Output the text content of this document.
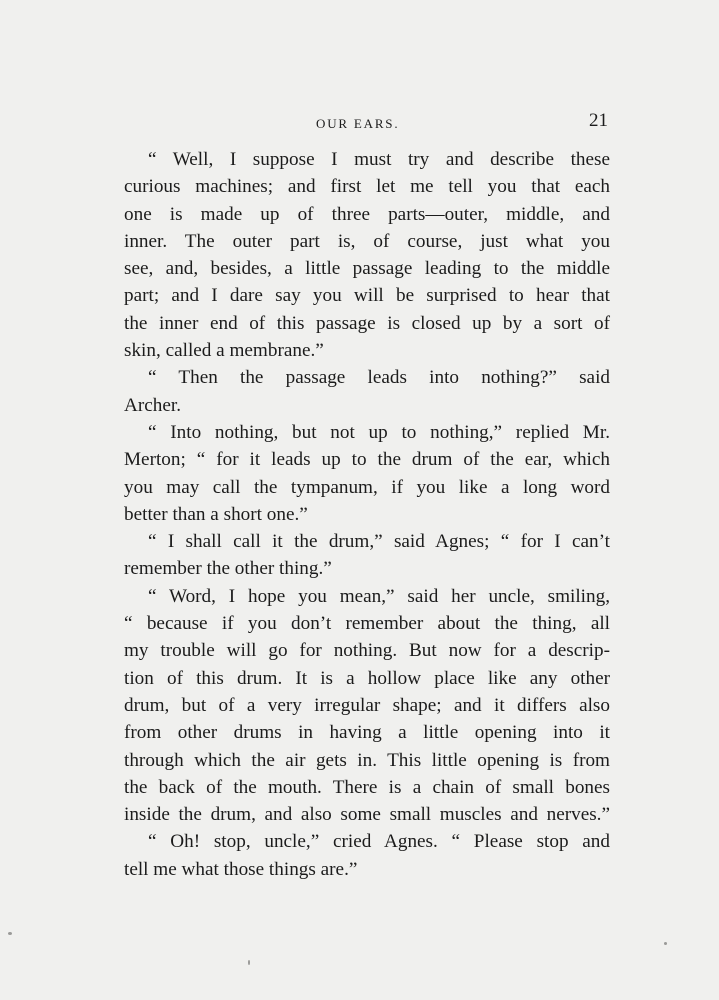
OUR EARS.	21
“ Well, I suppose I must try and describe these
curious machines; and first let me tell you that each
one is made up of three parts—outer, middle, and
inner. The outer part is, of course, just what you
see, and, besides, a little passage leading to the middle
part; and I dare say you will be surprised to hear that
the inner end of this passage is closed up by a sort of
skin, called a membrane.”
“ Then the passage leads into nothing?” said
Archer.
“ Into nothing, but not up to nothing,” replied Mr.
Merton; “ for it leads up to the drum of the ear, which
you may call the tympanum, if you like a long word
better than a short one.”
“ I shall call it the drum,” said Agnes; “ for I can’t
remember the other thing.”
“ Word, I hope you mean,” said her uncle, smiling,
“ because if you don’t remember about the thing, all
my trouble will go for nothing. But now for a descrip-
tion of this drum. It is a hollow place like any other
drum, but of a very irregular shape; and it differs also
from other drums in having a little opening into it
through which the air gets in. This little opening is from
the back of the mouth. There is a chain of small bones
inside the drum, and also some small muscles and nerves.”
“ Oh! stop, uncle,” cried Agnes. “ Please stop and
tell me what those things are.”
